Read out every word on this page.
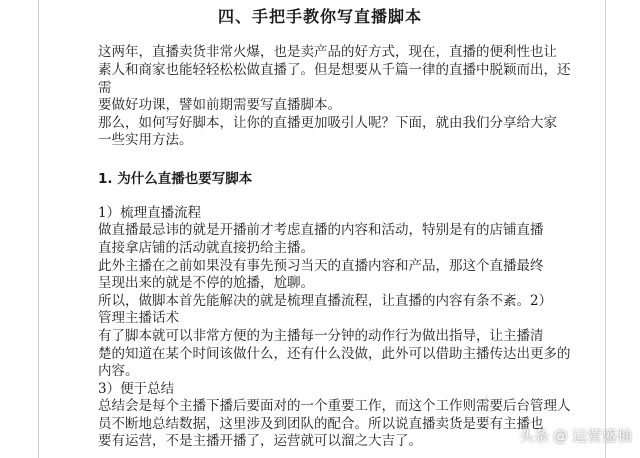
四、手把手教你写直播脚本
这两年，直播卖货非常火爆，也是卖产品的好方式，现在，直播的便利性也让
素人和商家也能轻轻松松做直播了。但是想要从千篇一律的直播中脱颖而出，还
需
要做好功课，譬如前期需要写直播脚本。
那么，如何写好脚本，让你的直播更加吸引人呢？下面，就由我们分享给大家
一些实用方法。
1. 为什么直播也要写脚本
1）梳理直播流程
做直播最忌讳的就是开播前才考虑直播的内容和活动，特别是有的店铺直播
直接拿店铺的活动就直接扔给主播。
此外主播在之前如果没有事先预习当天的直播内容和产品，那这个直播最终
呈现出来的就是不停的尬播，尬聊。
所以，做脚本首先能解决的就是梳理直播流程，让直播的内容有条不紊。2）
管理主播话术
有了脚本就可以非常方便的为主播每一分钟的动作行为做出指导，让主播清
楚的知道在某个时间该做什么，还有什么没做，此外可以借助主播传达出更多的
内容。
3）便于总结
总结会是每个主播下播后要面对的一个重要工作，而这个工作则需要后台管理人
员不断地总结数据，这里涉及到团队的配合。所以说直播卖货是要有主播也
要有运营，不是主播开播了，运营就可以溜之大吉了。	头条 @ 运营盛柚
